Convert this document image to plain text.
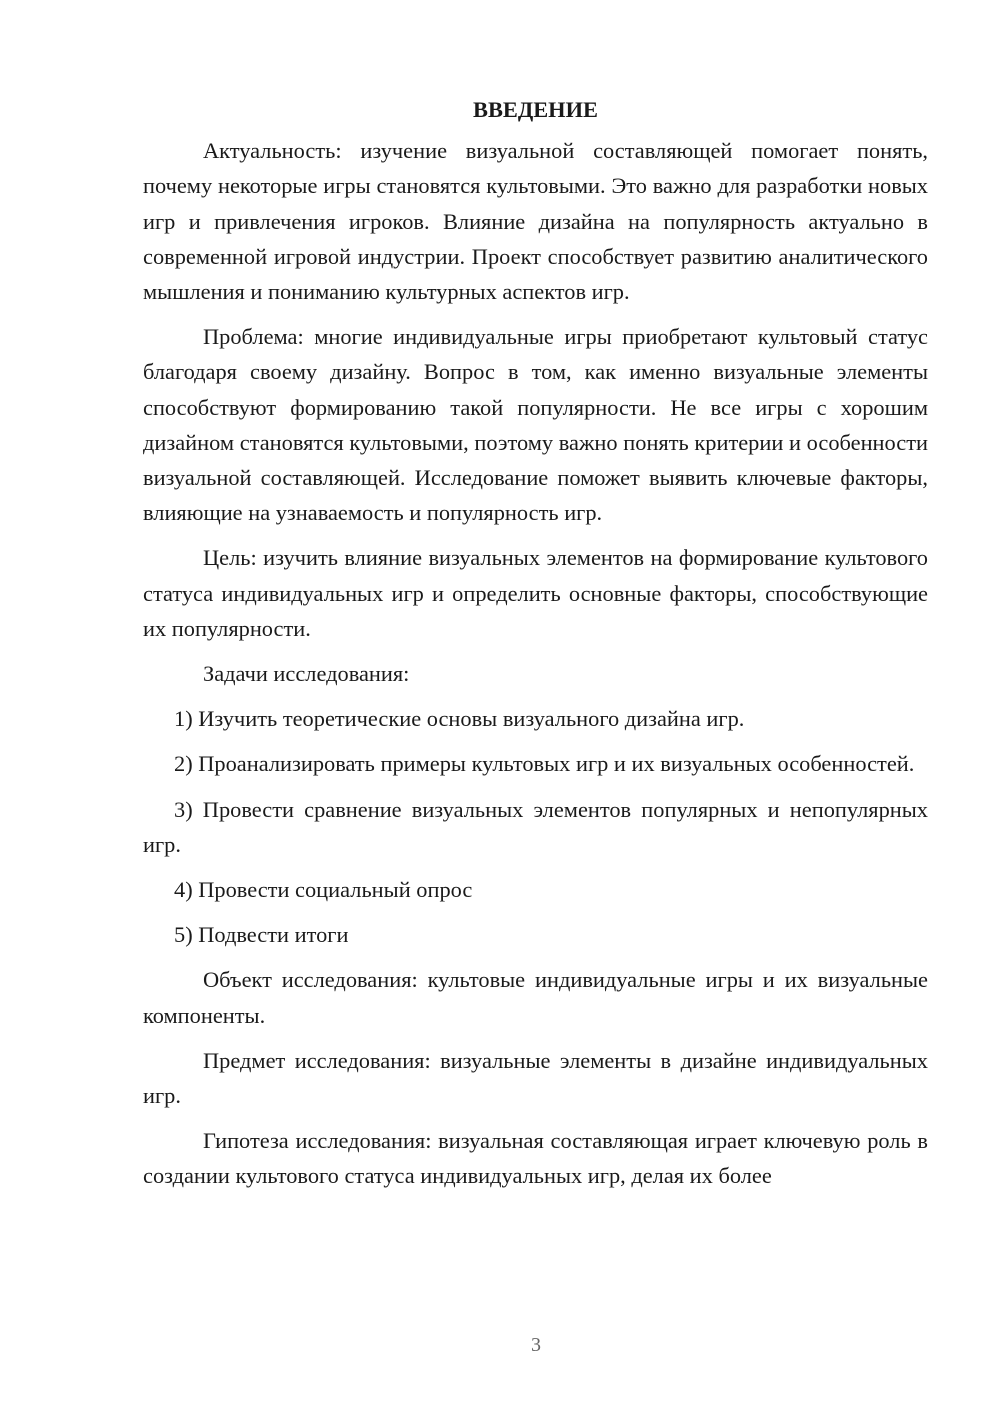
ВВЕДЕНИЕ

Актуальность: изучение визуальной составляющей помогает понять, почему некоторые игры становятся культовыми. Это важно для разработки новых игр и привлечения игроков. Влияние дизайна на популярность актуально в современной игровой индустрии. Проект способствует развитию аналитического мышления и пониманию культурных аспектов игр.

Проблема: многие индивидуальные игры приобретают культовый статус благодаря своему дизайну. Вопрос в том, как именно визуальные элементы способствуют формированию такой популярности. Не все игры с хорошим дизайном становятся культовыми, поэтому важно понять критерии и особенности визуальной составляющей. Исследование поможет выявить ключевые факторы, влияющие на узнаваемость и популярность игр.

Цель: изучить влияние визуальных элементов на формирование культового статуса индивидуальных игр и определить основные факторы, способствующие их популярности.

Задачи исследования:

1) Изучить теоретические основы визуального дизайна игр.

2) Проанализировать примеры культовых игр и их визуальных особенностей.

3) Провести сравнение визуальных элементов популярных и непопулярных игр.

4) Провести социальный опрос

5) Подвести итоги

Объект исследования: культовые индивидуальные игры и их визуальные компоненты.

Предмет исследования: визуальные элементы в дизайне индивидуальных игр.

Гипотеза исследования: визуальная составляющая играет ключевую роль в создании культового статуса индивидуальных игр, делая их более

3
